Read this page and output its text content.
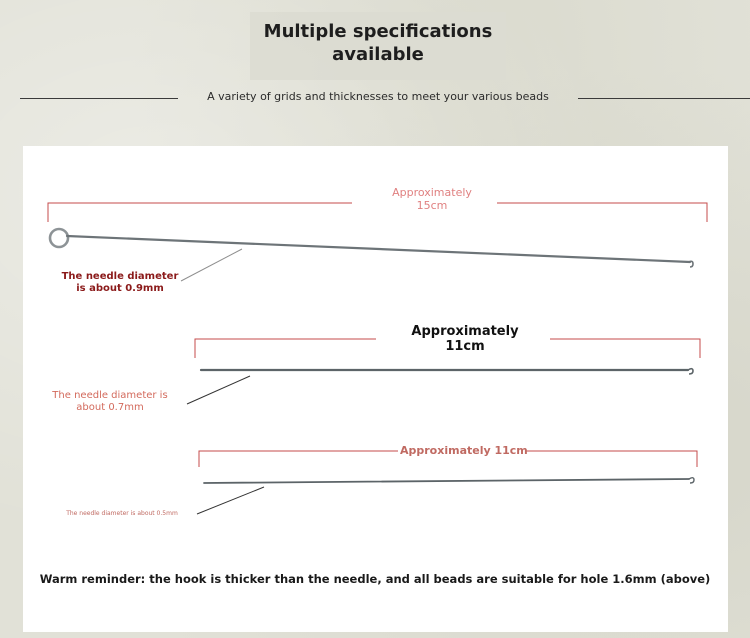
Multiple specifications available
A variety of grids and thicknesses to meet your various beads
Approximately 15cm
The needle diameter is about 0.9mm
Approximately 11cm
The needle diameter is about 0.7mm
Approximately 11cm
The needle diameter is about 0.5mm
Warm reminder: the hook is thicker than the needle, and all beads are suitable for hole 1.6mm (above)
